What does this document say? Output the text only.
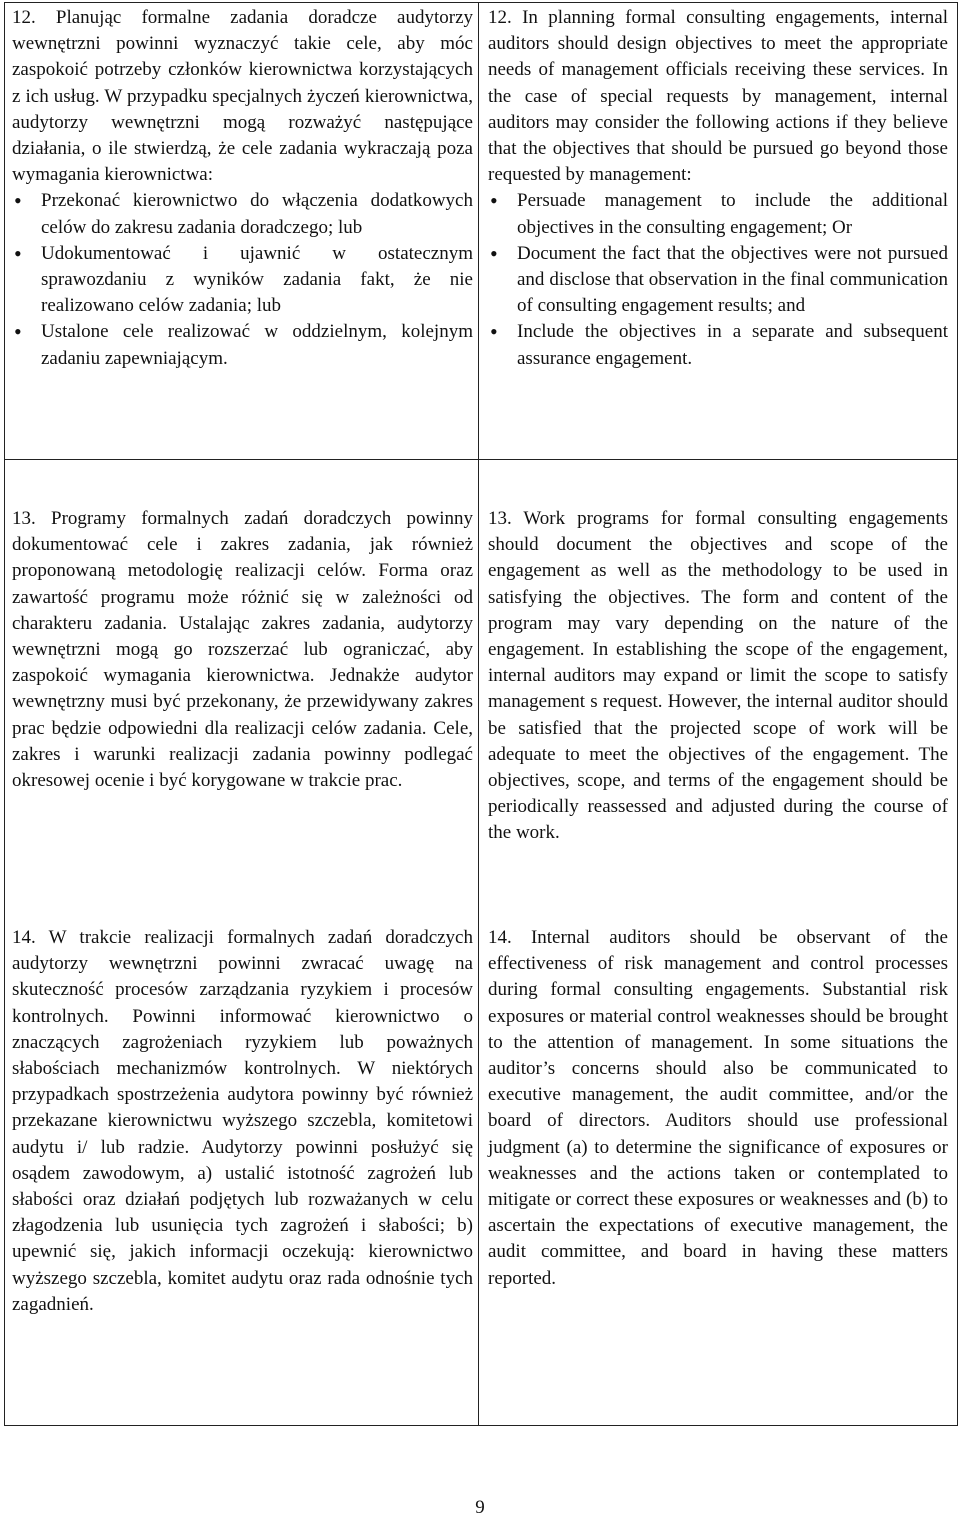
12. Planując formalne zadania doradcze audytorzy wewnętrzni powinni wyznaczyć takie cele, aby móc zaspokoić potrzeby członków kierownictwa korzystających z ich usług. W przypadku specjalnych życzeń kierownictwa, audytorzy wewnętrzni mogą rozważyć następujące działania, o ile stwierdzą, że cele zadania wykraczają poza wymagania kierownictwa:

• Przekonać kierownictwo do włączenia dodatkowych celów do zakresu zadania doradczego; lub
• Udokumentować i ujawnić w ostatecznym sprawozdaniu z wyników zadania fakt, że nie realizowano celów zadania; lub
• Ustalone cele realizować w oddzielnym, kolejnym zadaniu zapewniającym.

12. In planning formal consulting engagements, internal auditors should design objectives to meet the appropriate needs of management officials receiving these services. In the case of special requests by management, internal auditors may consider the following actions if they believe that the objectives that should be pursued go beyond those requested by management:

• Persuade management to include the additional objectives in the consulting engagement; Or
• Document the fact that the objectives were not pursued and disclose that observation in the final communication of consulting engagement results; and
• Include the objectives in a separate and subsequent assurance engagement.

13. Programy formalnych zadań doradczych powinny dokumentować cele i zakres zadania, jak również proponowaną metodologię realizacji celów. Forma oraz zawartość programu może różnić się w zależności od charakteru zadania. Ustalając zakres zadania, audytorzy wewnętrzni mogą go rozszerzać lub ograniczać, aby zaspokoić wymagania kierownictwa. Jednakże audytor wewnętrzny musi być przekonany, że przewidywany zakres prac będzie odpowiedni dla realizacji celów zadania. Cele, zakres i warunki realizacji zadania powinny podlegać okresowej ocenie i być korygowane w trakcie prac.

13. Work programs for formal consulting engagements should document the objectives and scope of the engagement as well as the methodology to be used in satisfying the objectives. The form and content of the program may vary depending on the nature of the engagement. In establishing the scope of the engagement, internal auditors may expand or limit the scope to satisfy management s request. However, the internal auditor should be satisfied that the projected scope of work will be adequate to meet the objectives of the engagement. The objectives, scope, and terms of the engagement should be periodically reassessed and adjusted during the course of the work.

14. W trakcie realizacji formalnych zadań doradczych audytorzy wewnętrzni powinni zwracać uwagę na skuteczność procesów zarządzania ryzykiem i procesów kontrolnych. Powinni informować kierownictwo o znaczących zagrożeniach ryzykiem lub poważnych słabościach mechanizmów kontrolnych. W niektórych przypadkach spostrzeżenia audytora powinny być również przekazane kierownictwu wyższego szczebla, komitetowi audytu i/ lub radzie. Audytorzy powinni posłużyć się osądem zawodowym, a) ustalić istotność zagrożeń lub słabości oraz działań podjętych lub rozważanych w celu złagodzenia lub usunięcia tych zagrożeń i słabości; b) upewnić się, jakich informacji oczekują: kierownictwo wyższego szczebla, komitet audytu oraz rada odnośnie tych zagadnień.

14. Internal auditors should be observant of the effectiveness of risk management and control processes during formal consulting engagements. Substantial risk exposures or material control weaknesses should be brought to the attention of management. In some situations the auditor’s concerns should also be communicated to executive management, the audit committee, and/or the board of directors. Auditors should use professional judgment (a) to determine the significance of exposures or weaknesses and the actions taken or contemplated to mitigate or correct these exposures or weaknesses and (b) to ascertain the expectations of executive management, the audit committee, and board in having these matters reported.

9
